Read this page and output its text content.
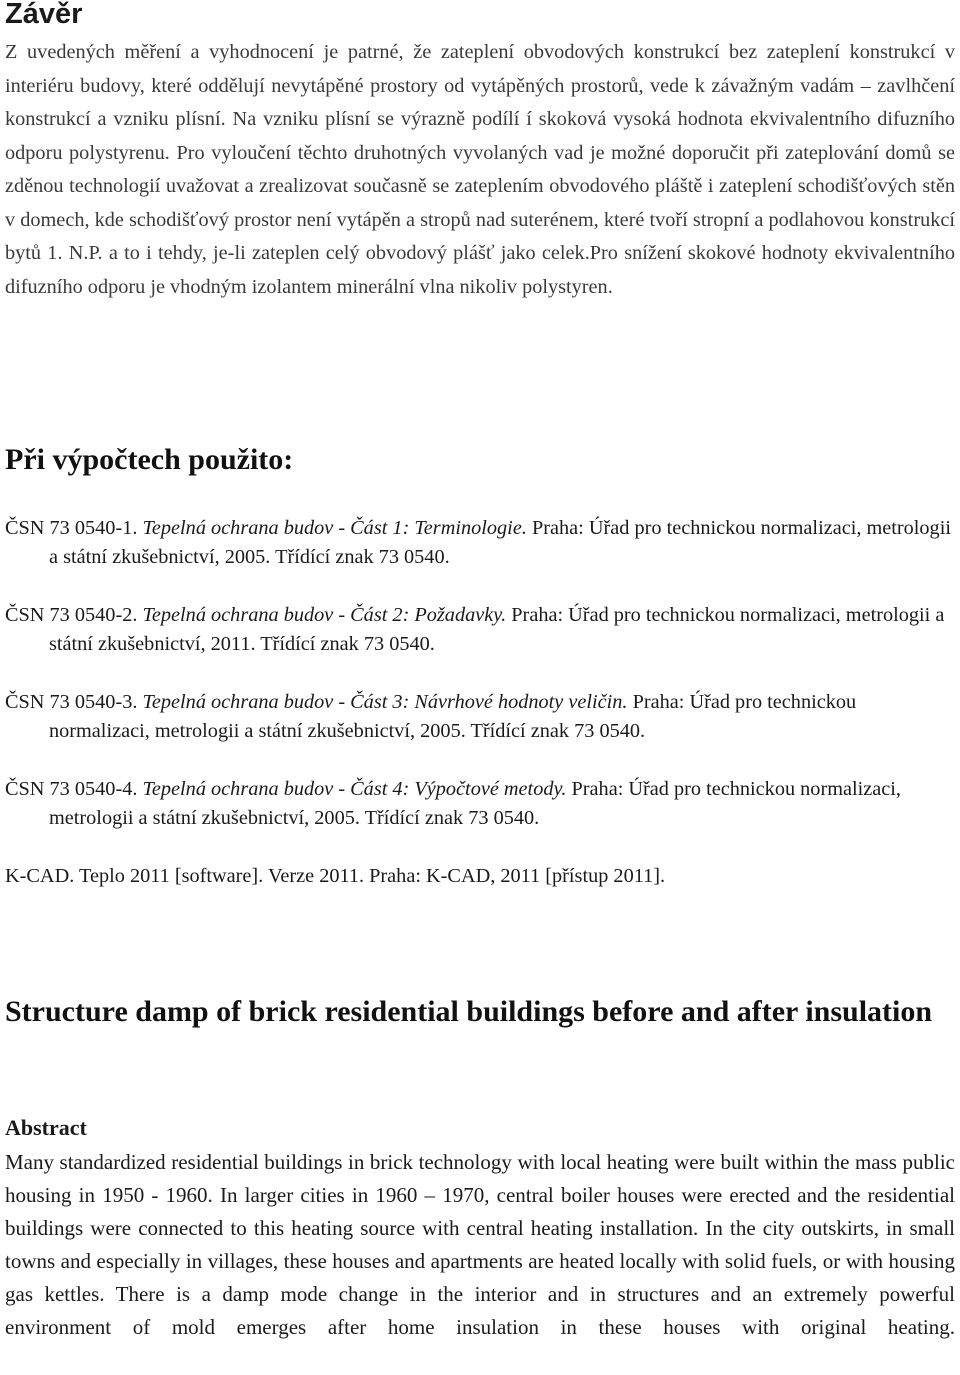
Závěr

Z uvedených měření a vyhodnocení je patrné, že zateplení obvodových konstrukcí bez zateplení konstrukcí v interiéru budovy, které oddělují nevytápěné prostory od vytápěných prostorů, vede k závažným vadám – zavlhčení konstrukcí a vzniku plísní. Na vzniku plísní se výrazně podílí í skoková vysoká hodnota ekvivalentního difuzního odporu polystyrenu. Pro vyloučení těchto druhotných vyvolaných vad je možné doporučit při zateplování domů se zděnou technologií uvažovat a zrealizovat současně se zateplením obvodového pláště i zateplení schodišťových stěn v domech, kde schodišťový prostor není vytápěn a stropů nad suterénem, které tvoří stropní a podlahovou konstrukcí bytů 1. N.P. a to i tehdy, je-li zateplen celý obvodový plášť jako celek.Pro snížení skokové hodnoty ekvivalentního difuzního odporu je vhodným izolantem minerální vlna nikoliv polystyren.

Při výpočtech použito:

ČSN 73 0540-1. Tepelná ochrana budov - Část 1: Terminologie. Praha: Úřad pro technickou normalizaci, metrologii a státní zkušebnictví, 2005. Třídící znak 73 0540.

ČSN 73 0540-2. Tepelná ochrana budov - Část 2: Požadavky. Praha: Úřad pro technickou normalizaci, metrologii a státní zkušebnictví, 2011. Třídící znak 73 0540.

ČSN 73 0540-3. Tepelná ochrana budov - Část 3: Návrhové hodnoty veličin. Praha: Úřad pro technickou normalizaci, metrologii a státní zkušebnictví, 2005. Třídící znak 73 0540.

ČSN 73 0540-4. Tepelná ochrana budov - Část 4: Výpočtové metody. Praha: Úřad pro technickou normalizaci, metrologii a státní zkušebnictví, 2005. Třídící znak 73 0540.

K-CAD. Teplo 2011 [software]. Verze 2011. Praha: K-CAD, 2011 [přístup 2011].

Structure damp of brick residential buildings before and after insulation
Abstract

Many standardized residential buildings in brick technology with local heating were built within the mass public housing in 1950 - 1960. In larger cities in 1960 – 1970, central boiler houses were erected and the residential buildings were connected to this heating source with central heating installation. In the city outskirts, in small towns and especially in villages, these houses and apartments are heated locally with solid fuels, or with housing gas kettles. There is a damp mode change in the interior and in structures and an extremely powerful environment of mold emerges after home insulation in these houses with original heating.
